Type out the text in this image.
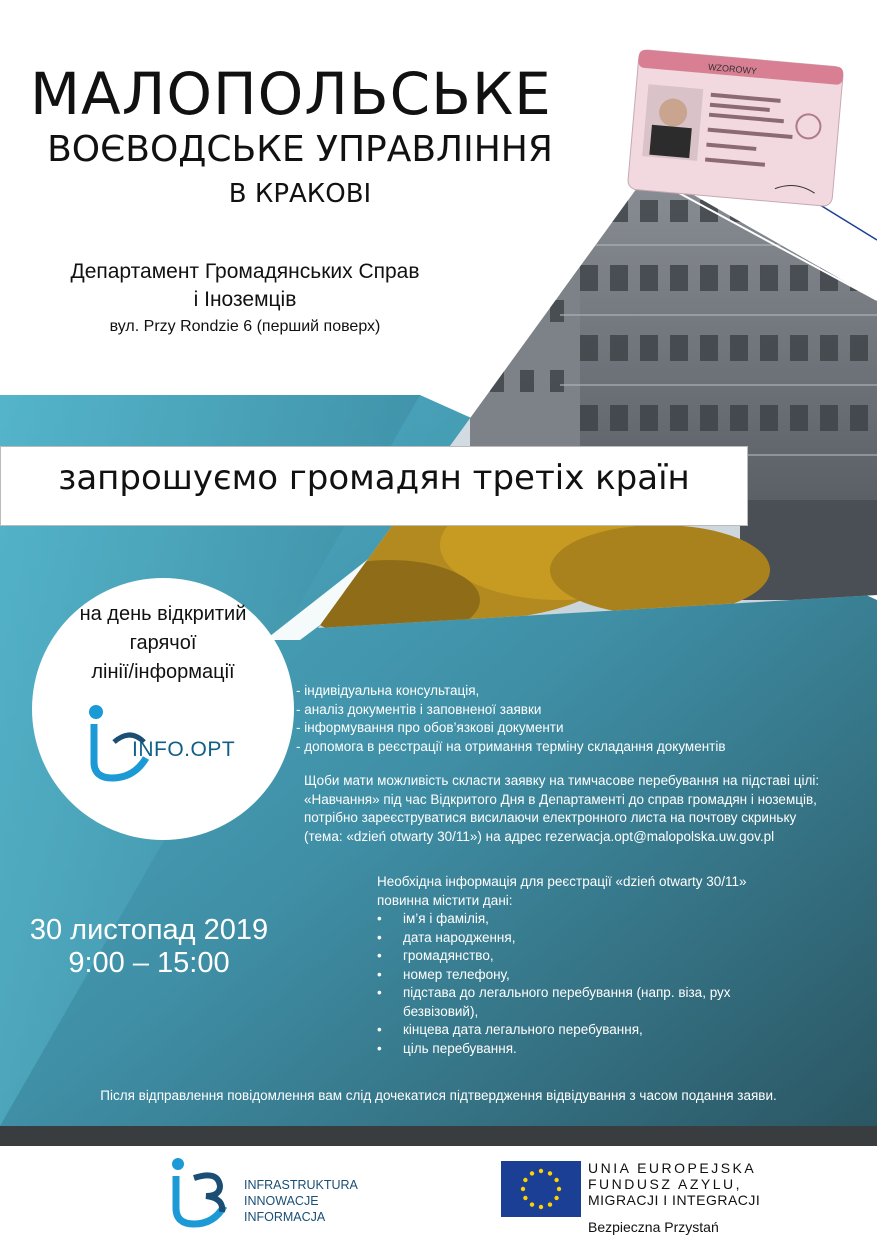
МАЛОПОЛЬСЬКЕ
ВОЄВОДСЬКЕ УПРАВЛІННЯ
В КРАКОВІ
WZOROWY
Департамент Громадянських Справ
і Іноземців
вул. Przy Rondzie 6 (перший поверх)
запрошуємо громадян третіх країн
на день відкритий
гарячої
лінії/інформації
INFO.OPT
- індивідуальна консультація,
- аналіз документів і заповненої заявки
- інформування про обов’язкові документи
- допомога в реєстрації на отримання терміну складання документів
Щоби мати можливість скласти заявку на тимчасове перебування на підставі цілі:
«Навчання» під час Відкритого Дня в Департаменті до справ громадян і ноземців,
потрібно зареєструватися висилаючи електронного листа на почтову скриньку
(тема: «dzień otwarty 30/11») на адрес rezerwacja.opt@malopolska.uw.gov.pl
Необхідна інформація для реєстрації «dzień otwarty 30/11»
повинна містити дані:
•	ім’я і фамілія,
•	дата народження,
•	громадянство,
•	номер телефону,
•	підстава до легального перебування (напр. віза, рух
безвізовий),
•	кінцева дата легального перебування,
•	ціль перебування.
30 листопад 2019
9:00 – 15:00
Після відправлення повідомлення вам слід дочекатися підтвердження відвідування з часом подання заяви.
INFRASTRUKTURA
INNOWACJE
INFORMACJA
UNIA EUROPEJSKA
FUNDUSZ AZYLU,
MIGRACJI I INTEGRACJI
Bezpieczna Przystań
